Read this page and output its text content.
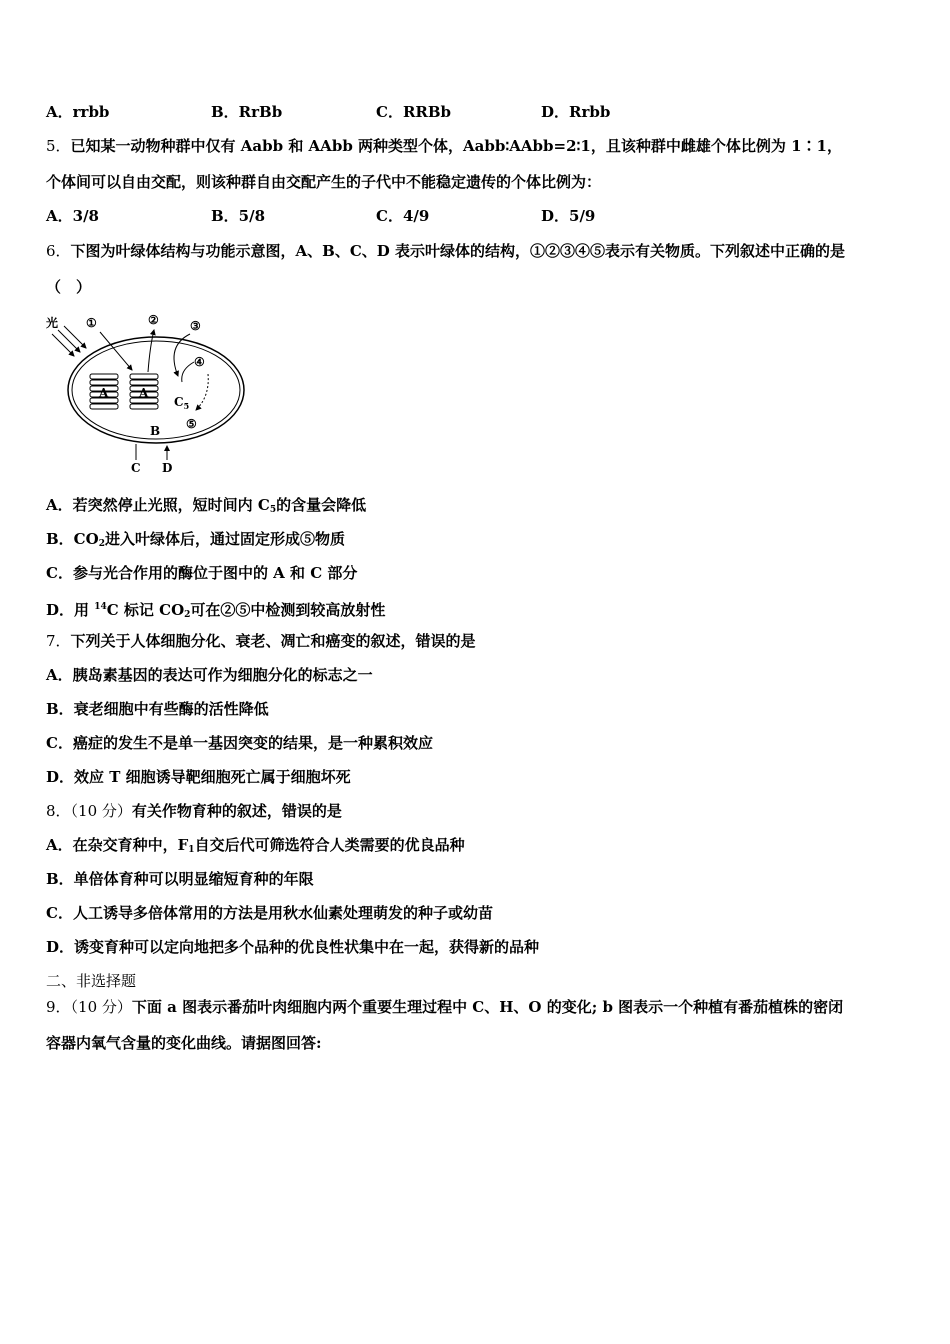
A．rrbb	B．RrBb	C．RRBb	D．Rrbb
5．已知某一动物种群中仅有 Aabb 和 AAbb 两种类型个体，Aabb∶AAbb=2∶1，且该种群中雌雄个体比例为 1∶1，
个体间可以自由交配，则该种群自由交配产生的子代中不能稳定遗传的个体比例为：
A．3/8	B．5/8	C．4/9	D．5/9
6．下图为叶绿体结构与功能示意图，A、B、C、D 表示叶绿体的结构，①②③④⑤表示有关物质。下列叙述中正确的是
（　）
光
A	A
①	②	③
④
$C_5$
⑤
B
C D
A．若突然停止光照，短时间内 $C_5$的含量会降低
B．$CO_2$进入叶绿体后，通过固定形成⑤物质
C．参与光合作用的酶位于图中的 A 和 C 部分
D．用 $^{14}$C 标记 $CO_2$可在②⑤中检测到较高放射性
7．下列关于人体细胞分化、衰老、凋亡和癌变的叙述，错误的是
A．胰岛素基因的表达可作为细胞分化的标志之一
B．衰老细胞中有些酶的活性降低
C．癌症的发生不是单一基因突变的结果，是一种累积效应
D．效应 T 细胞诱导靶细胞死亡属于细胞坏死
8．（10 分）有关作物育种的叙述，错误的是
A．在杂交育种中，$F_1$自交后代可筛选符合人类需要的优良品种
B．单倍体育种可以明显缩短育种的年限
C．人工诱导多倍体常用的方法是用秋水仙素处理萌发的种子或幼苗
D．诱变育种可以定向地把多个品种的优良性状集中在一起，获得新的品种
二、非选择题
9．（10 分）下面 a 图表示番茄叶肉细胞内两个重要生理过程中 C、H、O 的变化; b 图表示一个种植有番茄植株的密闭
容器内氧气含量的变化曲线。请据图回答:
